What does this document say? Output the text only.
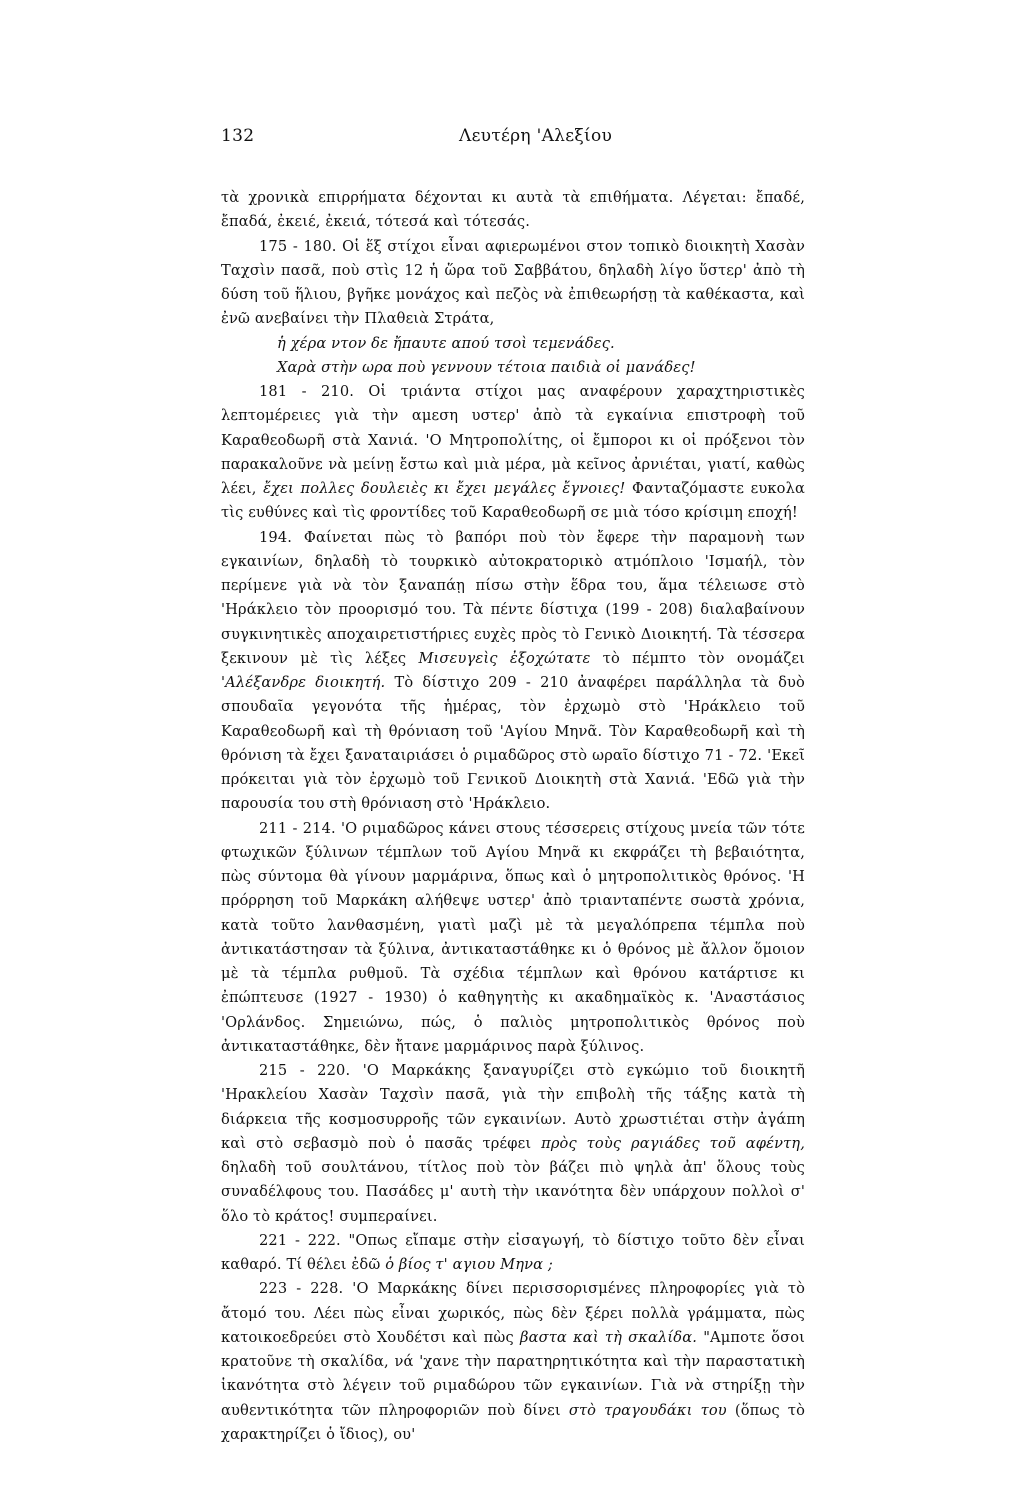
132	Λευτέρη 'Αλεξίου

τὰ χρονικὰ επιρρήματα δέχονται κι αυτὰ τὰ επιθήματα. Λέγεται: ἔπαδέ, ἔπαδά, ἐκειέ, ἐκειά, τότεσά καὶ τότεσάς.

175 - 180. Οἱ ἕξ στίχοι εἶναι αφιερωμένοι στον τοπικὸ διοικητὴ Χασὰν Ταχσὶν πασᾶ, ποὺ στὶς 12 ἡ ὥρα τοῦ Σαββάτου, δηλαδὴ λίγο ὕστερ' ἀπὸ τὴ δύση τοῦ ἥλιου, βγῆκε μονάχος καὶ πεζὸς νὰ ἐπιθεωρήσῃ τὰ καθέκαστα, καὶ ἐνῶ ανεβαίνει τὴν Πλαθειὰ Στράτα,

ἡ χέρα ντον δε ἤπαυτε απού τσοὶ τεμενάδες.

Χαρὰ στὴν ωρα ποὺ γεννουν τέτοια παιδιὰ οἱ μανάδες!

181 - 210. Οἱ τριάντα στίχοι μας αναφέρουν χαραχτηριστικὲς λεπτομέρειες γιὰ τὴν αμεση υστερ' ἀπὸ τὰ εγκαίνια επιστροφὴ τοῦ Καραθεοδωρῆ στὰ Χανιά. 'Ο Μητροπολίτης, οἱ ἔμποροι κι οἱ πρόξενοι τὸν παρακαλοῦνε νὰ μείνῃ ἔστω καὶ μιὰ μέρα, μὰ κεῖνος ἀρνιέται, γιατί, καθὼς λέει, ἔχει πολλες δουλειὲς κι ἔχει μεγάλες ἔγνοιες! Φανταζόμαστε ευκολα τὶς ευθύνες καὶ τὶς φροντίδες τοῦ Καραθεοδωρῆ σε μιὰ τόσο κρίσιμη εποχή!

194. Φαίνεται πὼς τὸ βαπόρι ποὺ τὸν ἔφερε τὴν παραμονὴ των εγκαινίων, δηλαδὴ τὸ τουρκικὸ αὐτοκρατορικὸ ατμόπλοιο 'Ισμαήλ, τὸν περίμενε γιὰ νὰ τὸν ξαναπάῃ πίσω στὴν ἕδρα του, ἅμα τέλειωσε στὸ 'Ηράκλειο τὸν προορισμό του. Τὰ πέντε δίστιχα (199 - 208) διαλαβαίνουν συγκινητικὲς αποχαιρετιστήριες ευχὲς πρὸς τὸ Γενικὸ Διοικητή. Τὰ τέσσερα ξεκινουν μὲ τὶς λέξες Μισευγεὶς ἐξοχώτατε τὸ πέμπτο τὸν ονομάζει 'Αλέξανδρε διοικητή. Τὸ δίστιχο 209 - 210 ἀναφέρει παράλληλα τὰ δυὸ σπουδαῖα γεγονότα τῆς ἡμέρας, τὸν ἐρχωμὸ στὸ 'Ηράκλειο τοῦ Καραθεοδωρῆ καὶ τὴ θρόνιαση τοῦ 'Αγίου Μηνᾶ. Τὸν Καραθεοδωρῆ καὶ τὴ θρόνιση τὰ ἔχει ξαναταιριάσει ὁ ριμαδῶρος στὸ ωραῖο δίστιχο 71 - 72. 'Εκεῖ πρόκειται γιὰ τὸν ἐρχωμὸ τοῦ Γενικοῦ Διοικητὴ στὰ Χανιά. 'Εδῶ γιὰ τὴν παρουσία του στὴ θρόνιαση στὸ 'Ηράκλειο.

211 - 214. 'Ο ριμαδῶρος κάνει στους τέσσερεις στίχους μνεία τῶν τότε φτωχικῶν ξύλινων τέμπλων τοῦ Αγίου Μηνᾶ κι εκφράζει τὴ βεβαιότητα, πὼς σύντομα θὰ γίνουν μαρμάρινα, ὅπως καὶ ὁ μητροπολιτικὸς θρόνος. 'Η πρόρρηση τοῦ Μαρκάκη αλήθεψε υστερ' ἀπὸ τριανταπέντε σωστὰ χρόνια, κατὰ τοῦτο λανθασμένη, γιατὶ μαζὶ μὲ τὰ μεγαλόπρεπα τέμπλα ποὺ ἀντικατάστησαν τὰ ξύλινα, ἀντικαταστάθηκε κι ὁ θρόνος μὲ ἄλλον ὅμοιον μὲ τὰ τέμπλα ρυθμοῦ. Τὰ σχέδια τέμπλων καὶ θρόνου κατάρτισε κι ἐπώπτευσε (1927 - 1930) ὁ καθηγητὴς κι ακαδημαϊκὸς κ. 'Αναστάσιος 'Ορλάνδος. Σημειώνω, πώς, ὁ παλιὸς μητροπολιτικὸς θρόνος ποὺ ἀντικαταστάθηκε, δὲν ἤτανε μαρμάρινος παρὰ ξύλινος.

215 - 220. 'Ο Μαρκάκης ξαναγυρίζει στὸ εγκώμιο τοῦ διοικητῆ 'Ηρακλείου Χασὰν Ταχσὶν πασᾶ, γιὰ τὴν επιβολὴ τῆς τάξης κατὰ τὴ διάρκεια τῆς κοσμοσυρροῆς τῶν εγκαινίων. Αυτὸ χρωστιέται στὴν ἀγάπη καὶ στὸ σεβασμὸ ποὺ ὁ πασᾶς τρέφει πρὸς τοὺς ραγιάδες τοῦ αφέντη, δηλαδὴ τοῦ σουλτάνου, τίτλος ποὺ τὸν βάζει πιὸ ψηλὰ ἀπ' ὅλους τοὺς συναδέλφους του. Πασάδες μ' αυτὴ τὴν ικανότητα δὲν υπάρχουν πολλοὶ σ' ὅλο τὸ κράτος! συμπεραίνει.

221 - 222. "Οπως εἴπαμε στὴν εἰσαγωγή, τὸ δίστιχο τοῦτο δὲν εἶναι καθαρό. Τί θέλει ἐδῶ ὁ βίος τ' αγιου Μηνα ;

223 - 228. 'Ο Μαρκάκης δίνει περισσορισμένες πληροφορίες γιὰ τὸ ἄτομό του. Λέει πὼς εἶναι χωρικός, πὼς δὲν ξέρει πολλὰ γράμματα, πὼς κατοικοεδρεύει στὸ Χουδέτσι καὶ πὼς βαστα καὶ τὴ σκαλίδα. "Αμποτε ὅσοι κρατοῦνε τὴ σκαλίδα, νά 'χανε τὴν παρατηρητικότητα καὶ τὴν παραστατικὴ ἱκανότητα στὸ λέγειν τοῦ ριμαδώρου τῶν εγκαινίων. Γιὰ νὰ στηρίξῃ τὴν αυθεντικότητα τῶν πληροφοριῶν ποὺ δίνει στὸ τραγουδάκι του (ὅπως τὸ χαρακτηρίζει ὁ ἴδιος), ου'
